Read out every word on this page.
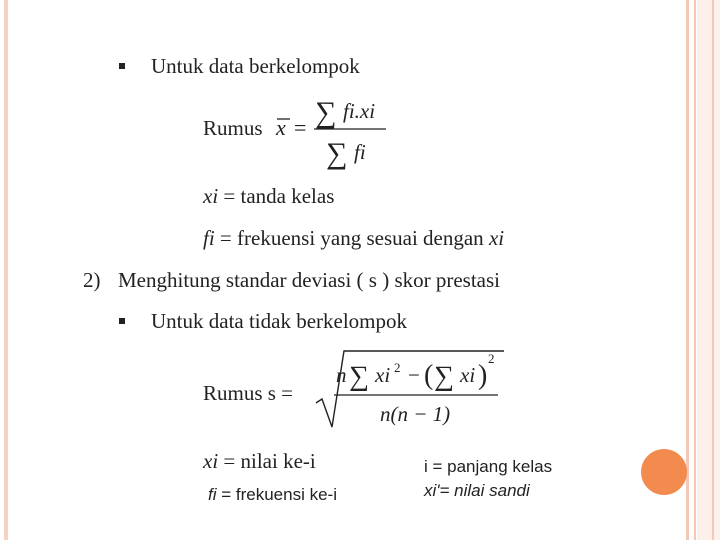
Untuk data berkelompok
Rumus x = ∑ fi.xi
∑ fi
xi = tanda kelas
fi = frekuensi yang sesuai dengan xi
2) Menghitung standar deviasi ( s ) skor prestasi
Untuk data tidak berkelompok
Rumus s =
n ∑ xi 2 − ( ∑ xi )
2
n(n − 1)
xi = nilai ke-i
fi = frekuensi ke-i
i = panjang kelas
xi'= nilai sandi
